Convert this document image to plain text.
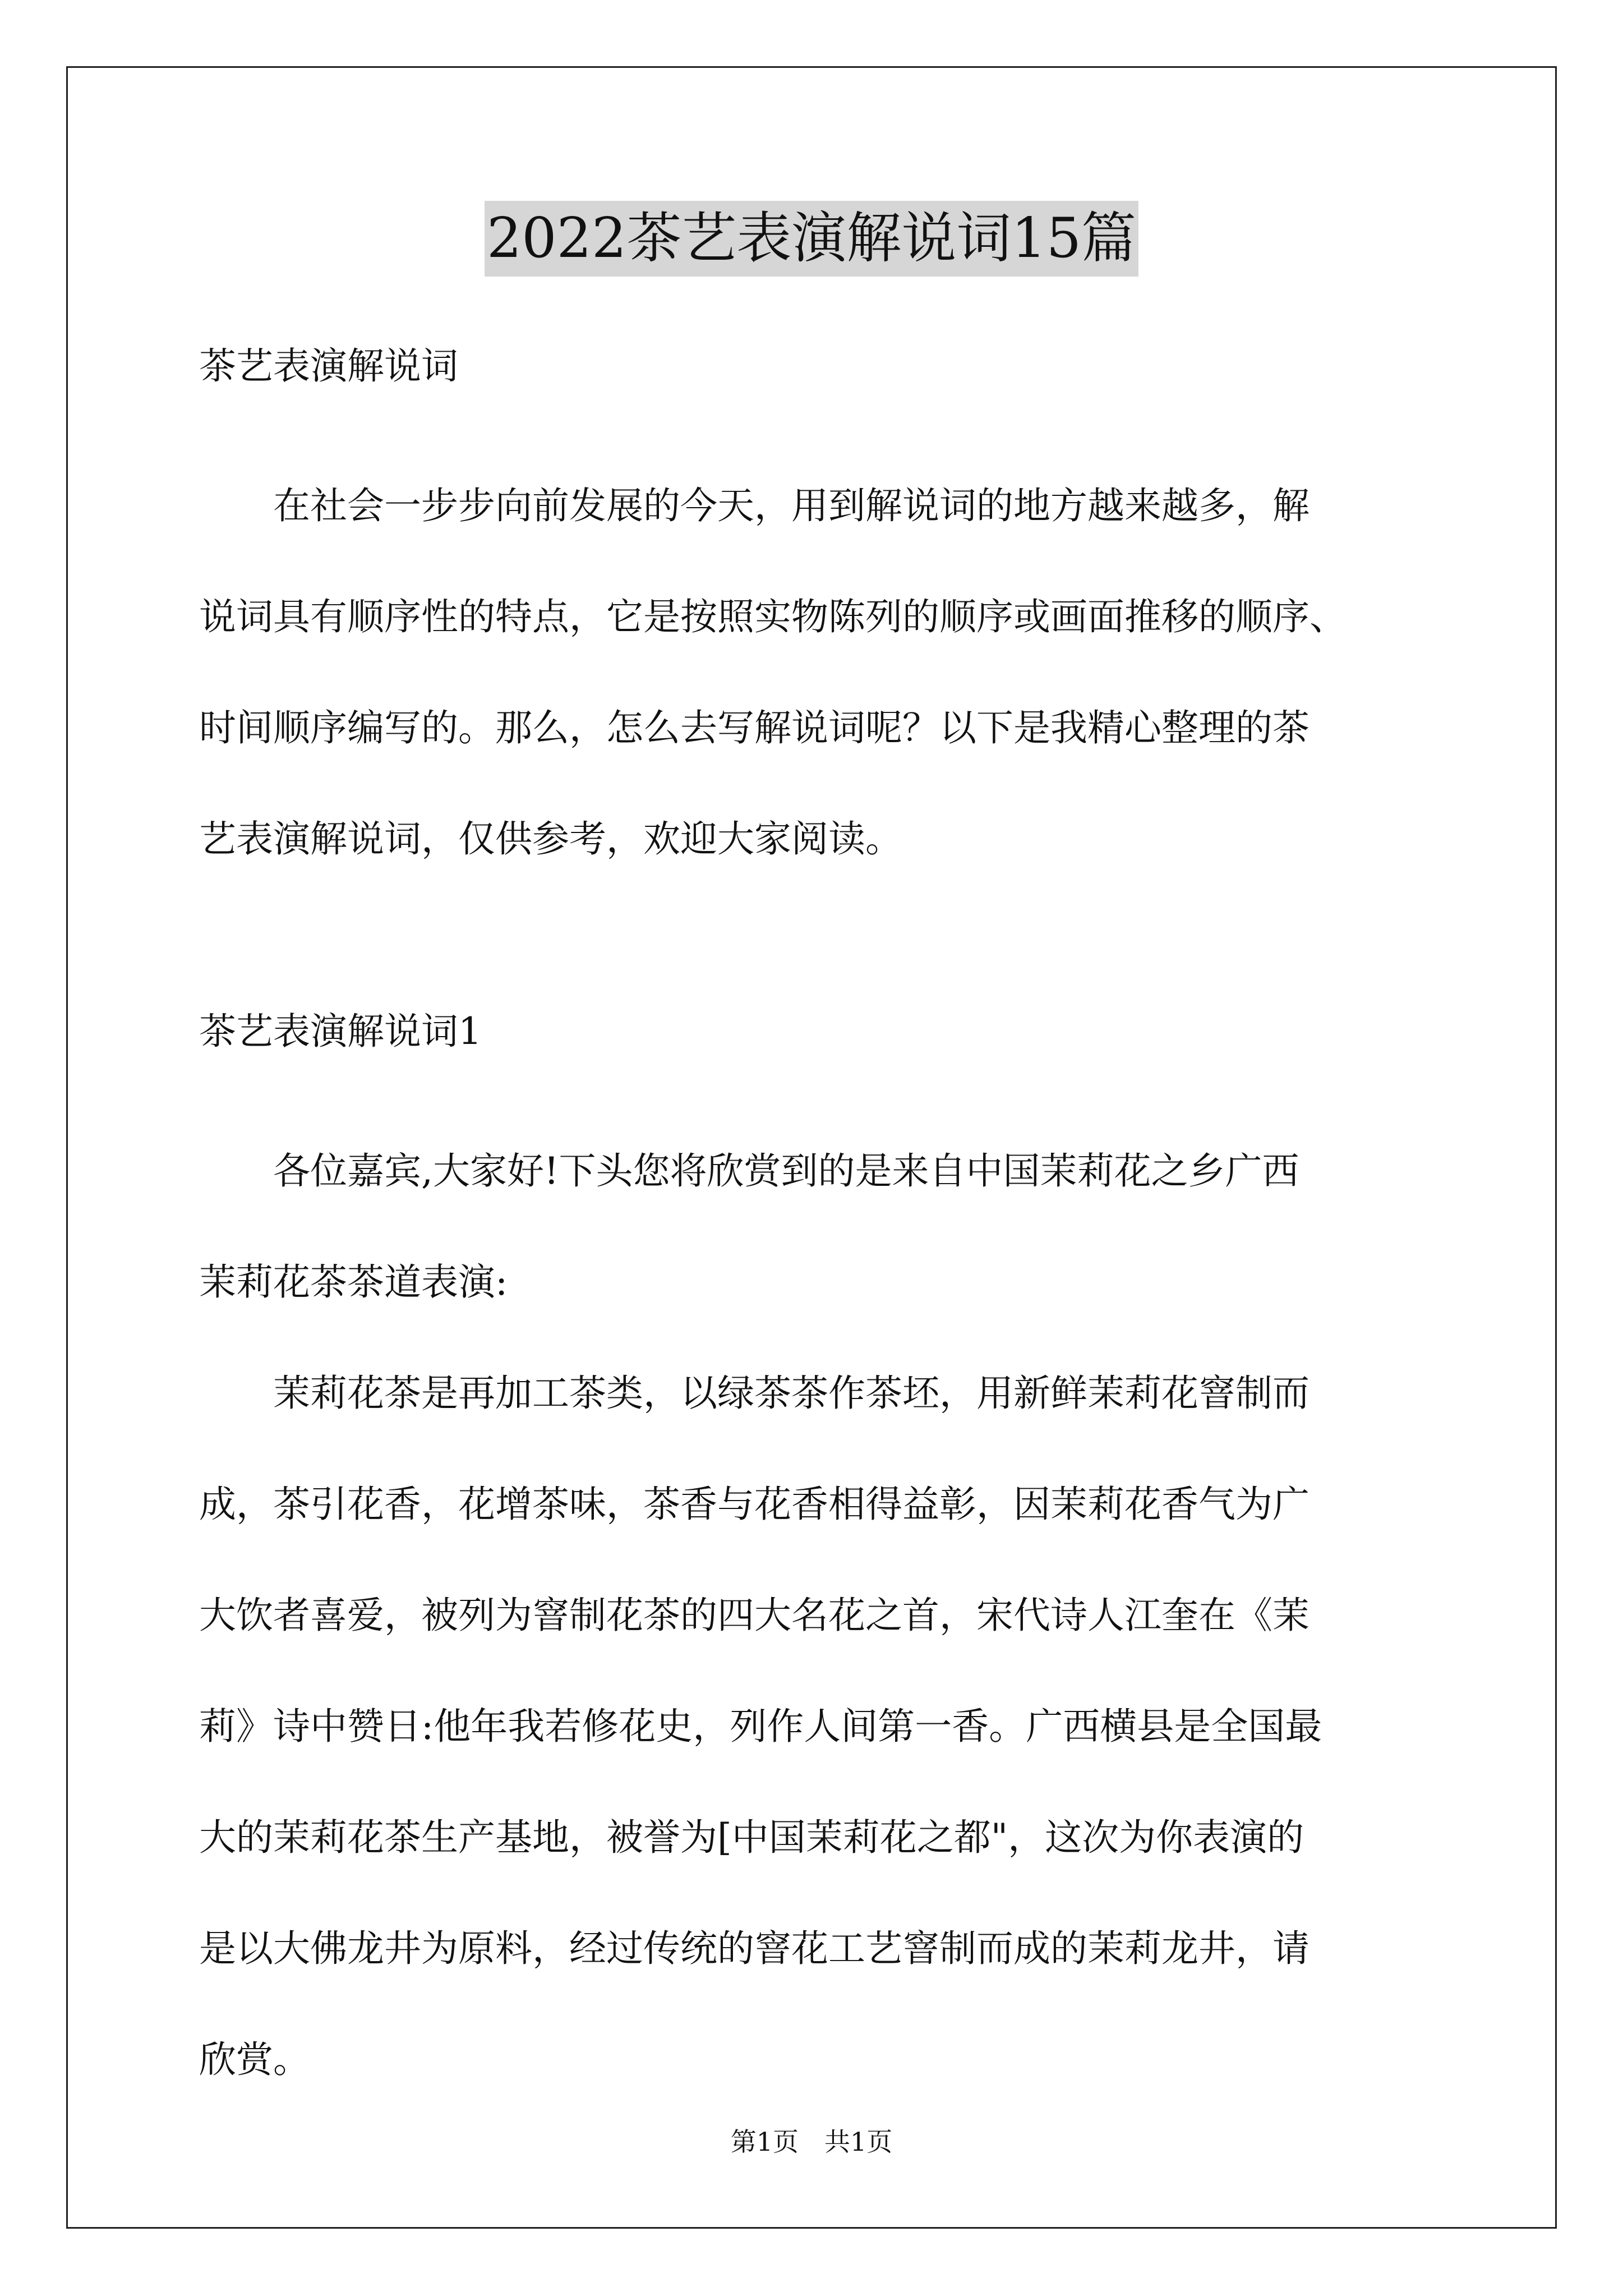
2022茶艺表演解说词15篇
茶艺表演解说词
　　在社会一步步向前发展的今天，用到解说词的地方越来越多，解
说词具有顺序性的特点，它是按照实物陈列的顺序或画面推移的顺序、
时间顺序编写的。那么，怎么去写解说词呢？以下是我精心整理的茶
艺表演解说词，仅供参考，欢迎大家阅读。
茶艺表演解说词1
　　各位嘉宾,大家好!下头您将欣赏到的是来自中国茉莉花之乡广西
茉莉花茶茶道表演:
　　茉莉花茶是再加工茶类，以绿茶茶作茶坯，用新鲜茉莉花窨制而
成，茶引花香，花增茶味，茶香与花香相得益彰，因茉莉花香气为广
大饮者喜爱，被列为窨制花茶的四大名花之首，宋代诗人江奎在《茉
莉》诗中赞日:他年我若修花史，列作人间第一香。广西横县是全国最
大的茉莉花茶生产基地，被誉为[中国茉莉花之都"，这次为你表演的
是以大佛龙井为原料，经过传统的窨花工艺窨制而成的茉莉龙井，请
欣赏。
第1页　共1页
